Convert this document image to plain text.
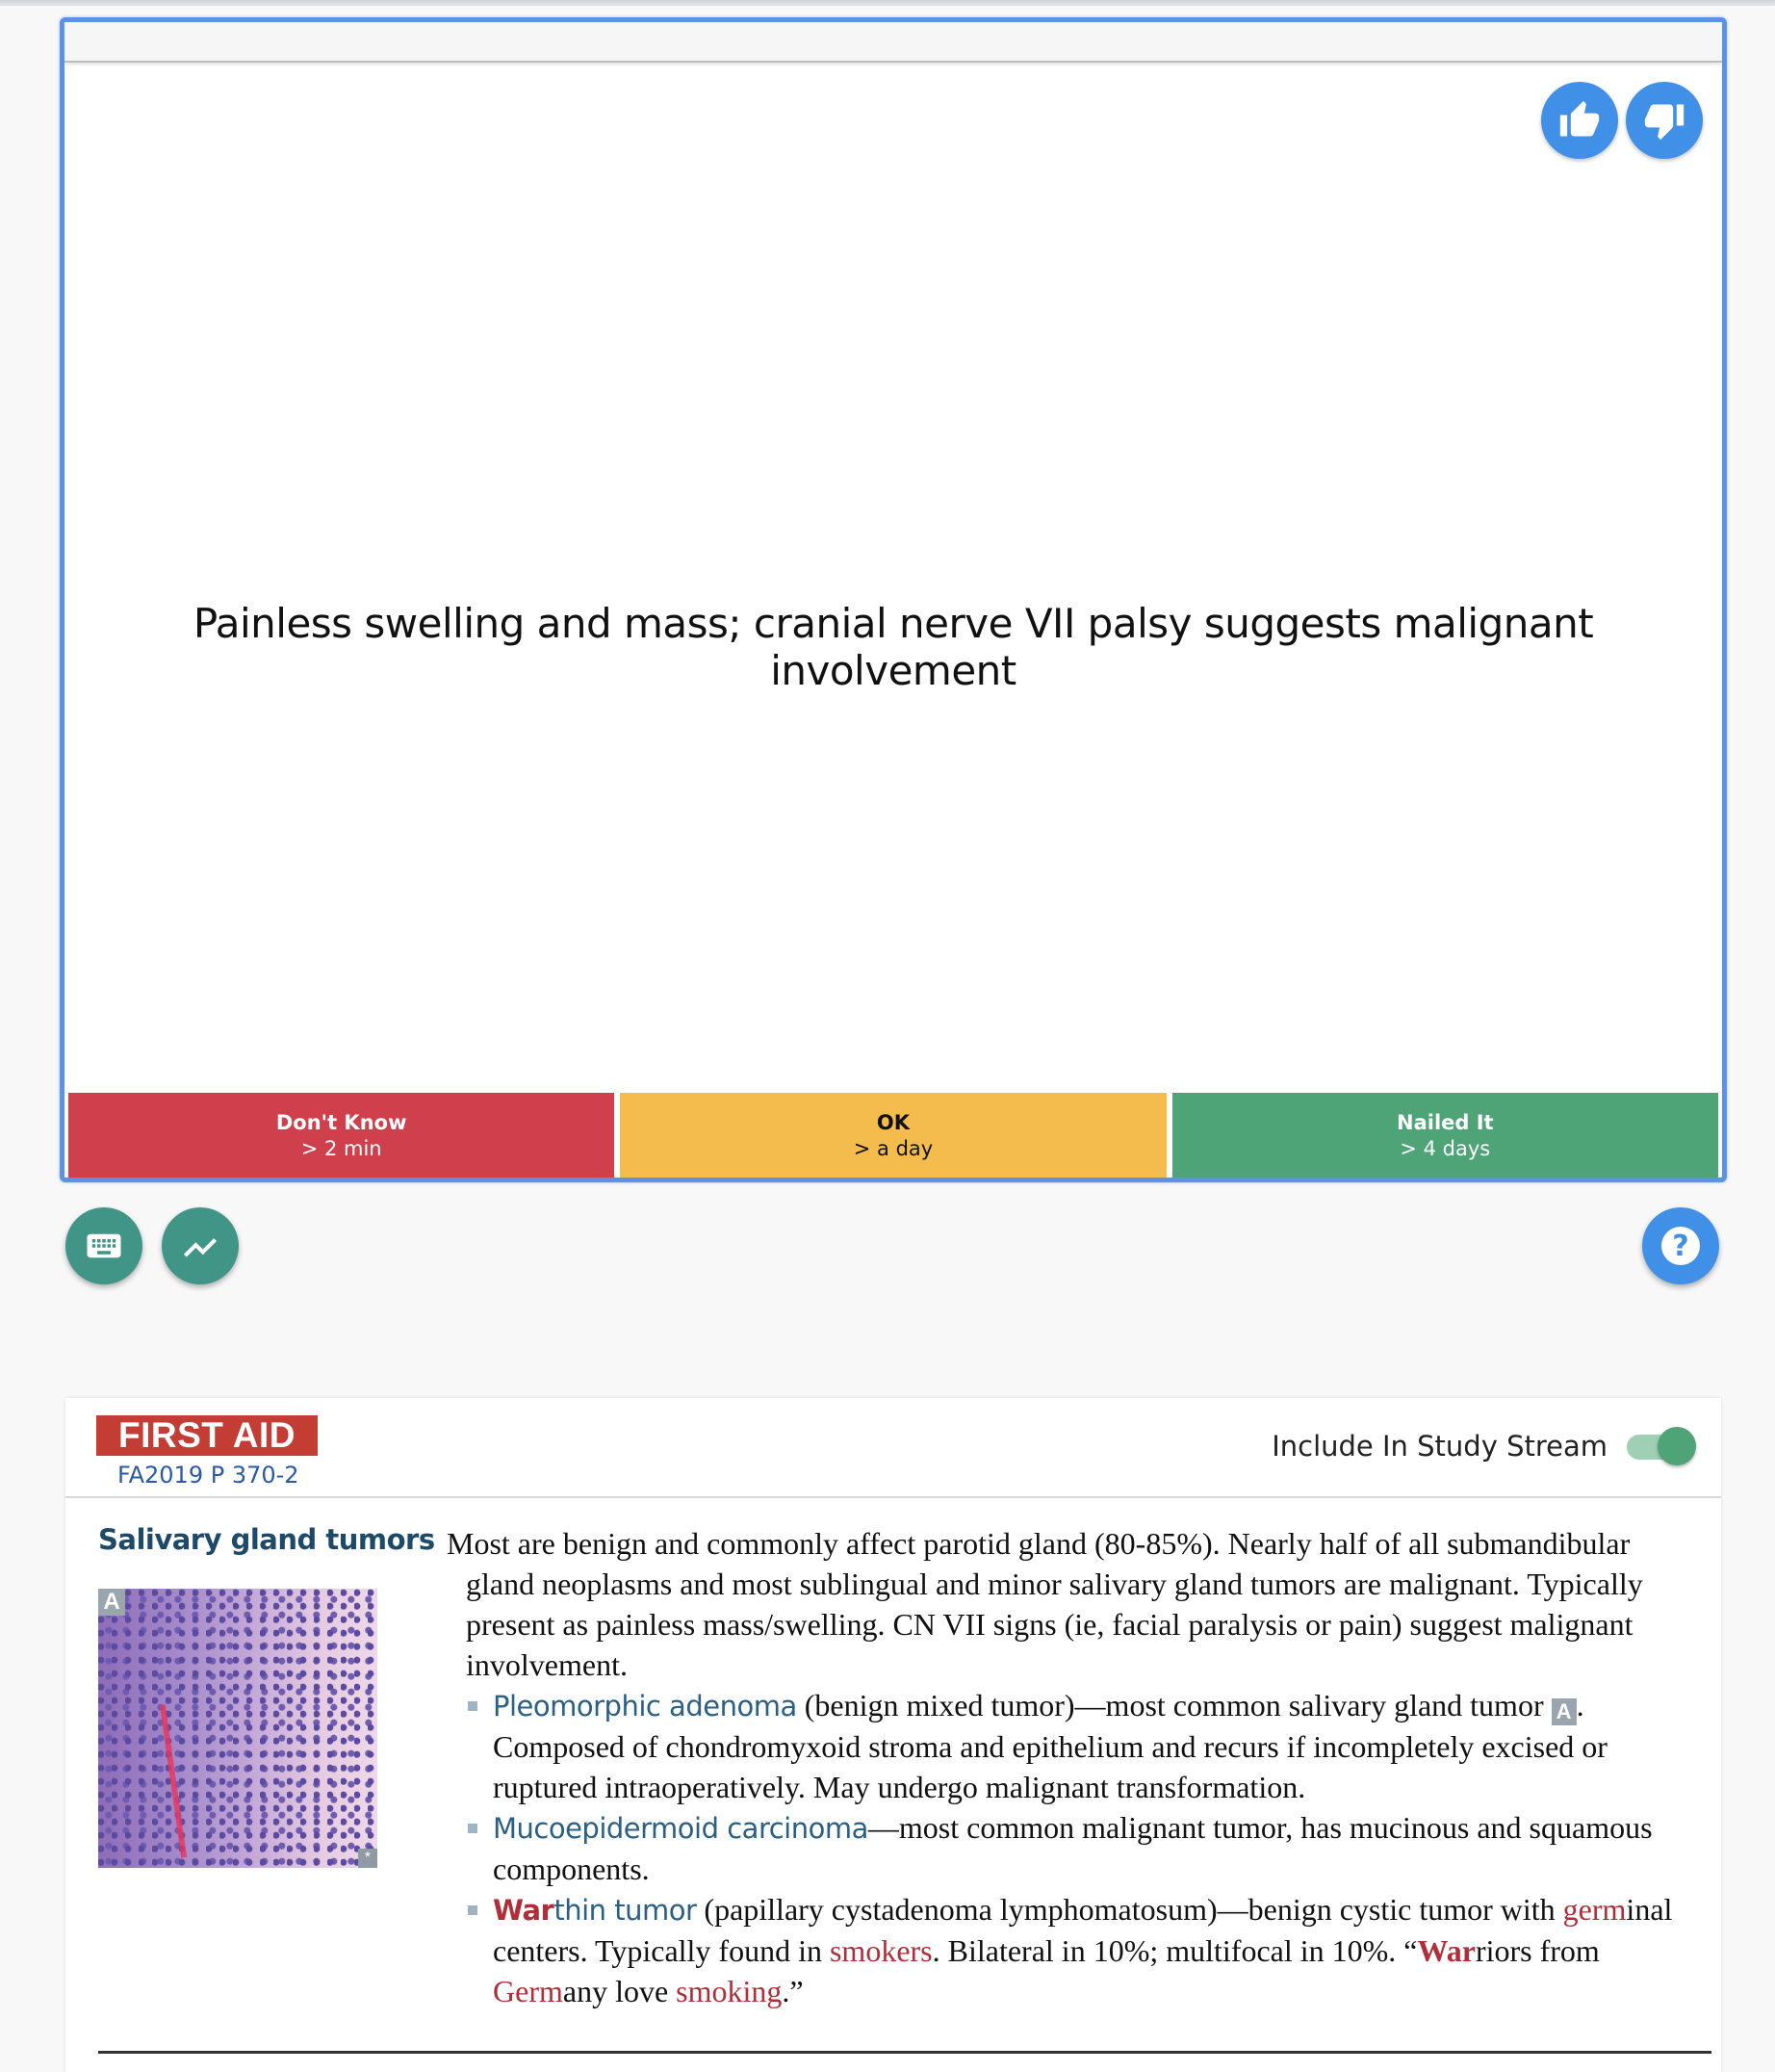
Painless swelling and mass; cranial nerve VII palsy suggests malignant involvement
Don't Know
> 2 min
OK
> a day
Nailed It
> 4 days
?
FIRST AID
FA2019 P 370-2
Include In Study Stream
Salivary gland tumors
A
*

Most are benign and commonly affect parotid gland (80-85%). Nearly half of all submandibular gland neoplasms and most sublingual and minor salivary gland tumors are malignant. Typically present as painless mass/swelling. CN VII signs (ie, facial paralysis or pain) suggest malignant involvement.

Pleomorphic adenoma (benign mixed tumor)—most common salivary gland tumor A . Composed of chondromyxoid stroma and epithelium and recurs if incompletely excised or ruptured intraoperatively. May undergo malignant transformation.
Mucoepidermoid carcinoma—most common malignant tumor, has mucinous and squamous components.
Warthin tumor (papillary cystadenoma lymphomatosum)—benign cystic tumor with germinal centers. Typically found in smokers. Bilateral in 10%; multifocal in 10%. “Warriors from Germany love smoking.”
